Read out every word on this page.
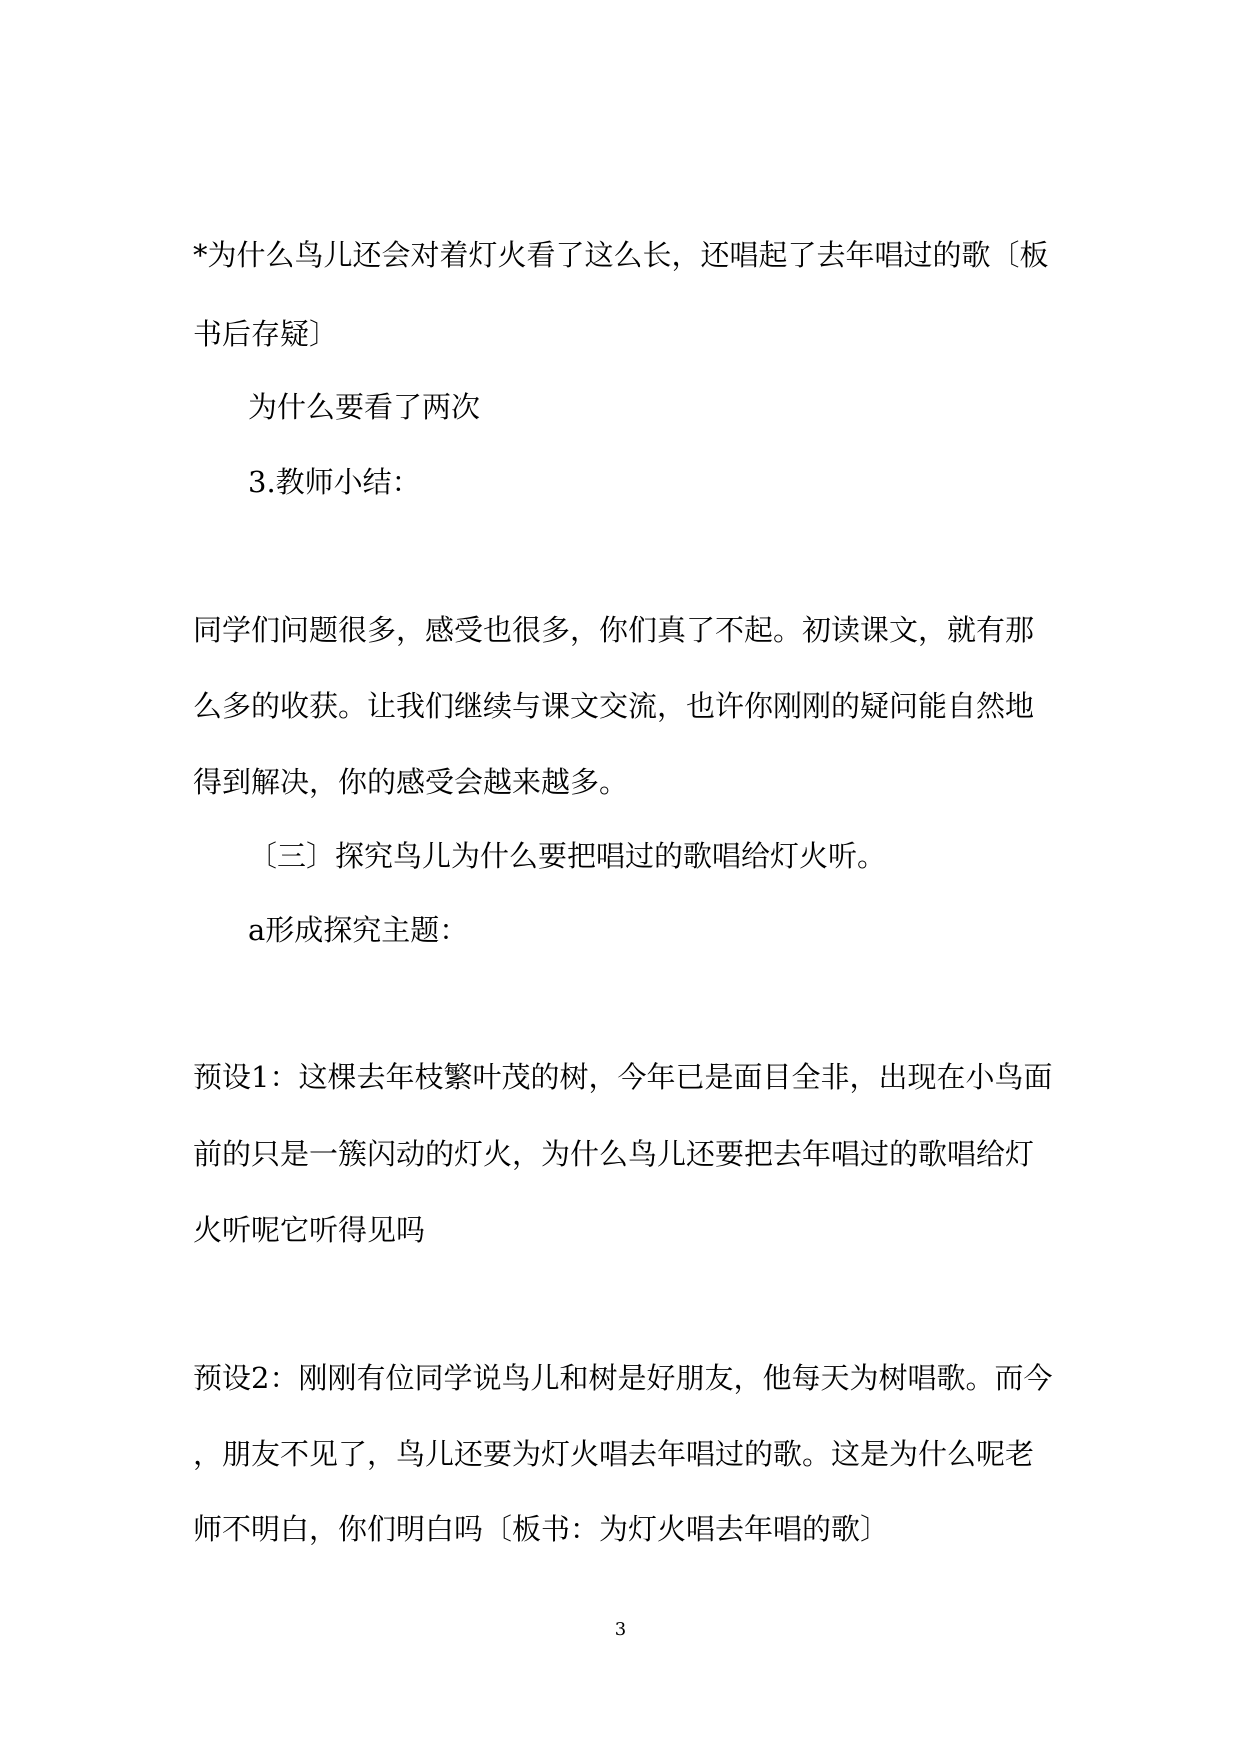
*为什么鸟儿还会对着灯火看了这么长，还唱起了去年唱过的歌〔板

书后存疑〕

为什么要看了两次

3.教师小结：

同学们问题很多，感受也很多，你们真了不起。初读课文，就有那

么多的收获。让我们继续与课文交流，也许你刚刚的疑问能自然地

得到解决，你的感受会越来越多。

〔三〕探究鸟儿为什么要把唱过的歌唱给灯火听。

a形成探究主题：

预设1：这棵去年枝繁叶茂的树，今年已是面目全非，出现在小鸟面

前的只是一簇闪动的灯火，为什么鸟儿还要把去年唱过的歌唱给灯

火听呢它听得见吗

预设2：刚刚有位同学说鸟儿和树是好朋友，他每天为树唱歌。而今

，朋友不见了，鸟儿还要为灯火唱去年唱过的歌。这是为什么呢老

师不明白，你们明白吗〔板书：为灯火唱去年唱的歌〕

3
